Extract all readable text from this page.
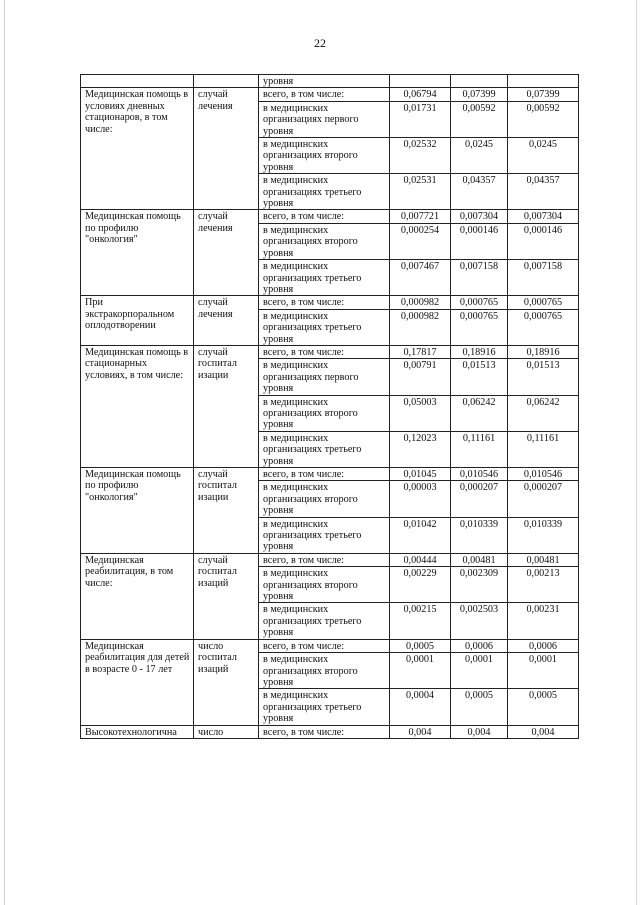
22
		уровня			
Медицинская помощь в условиях дневных стационаров, в том числе:	случай лечения	всего, в том числе:	0,06794	0,07399	0,07399
		в медицинских организациях первого уровня	0,01731	0,00592	0,00592
		в медицинских организациях второго уровня	0,02532	0,0245	0,0245
		в медицинских организациях третьего уровня	0,02531	0,04357	0,04357
Медицинская помощь по профилю "онкология"	случай лечения	всего, в том числе:	0,007721	0,007304	0,007304
		в медицинских организациях второго уровня	0,000254	0,000146	0,000146
		в медицинских организациях третьего уровня	0,007467	0,007158	0,007158
При экстракорпоральном оплодотворении	случай лечения	всего, в том числе:	0,000982	0,000765	0,000765
		в медицинских организациях третьего уровня	0,000982	0,000765	0,000765
Медицинская помощь в стационарных условиях, в том числе:	случай госпитал изации	всего, в том числе:	0,17817	0,18916	0,18916
		в медицинских организациях первого уровня	0,00791	0,01513	0,01513
		в медицинских организациях второго уровня	0,05003	0,06242	0,06242
		в медицинских организациях третьего уровня	0,12023	0,11161	0,11161
Медицинская помощь по профилю "онкология"	случай госпитал изации	всего, в том числе:	0,01045	0,010546	0,010546
		в медицинских организациях второго уровня	0,00003	0,000207	0,000207
		в медицинских организациях третьего уровня	0,01042	0,010339	0,010339
Медицинская реабилитация, в том числе:	случай госпитал изаций	всего, в том числе:	0,00444	0,00481	0,00481
		в медицинских организациях второго уровня	0,00229	0,002309	0,00213
		в медицинских организациях третьего уровня	0,00215	0,002503	0,00231
Медицинская реабилитация для детей в возрасте 0 - 17 лет	число госпитал изаций	всего, в том числе:	0,0005	0,0006	0,0006
		в медицинских организациях второго уровня	0,0001	0,0001	0,0001
		в медицинских организациях третьего уровня	0,0004	0,0005	0,0005
Высокотехнологична	число	всего, в том числе:	0,004	0,004	0,004
